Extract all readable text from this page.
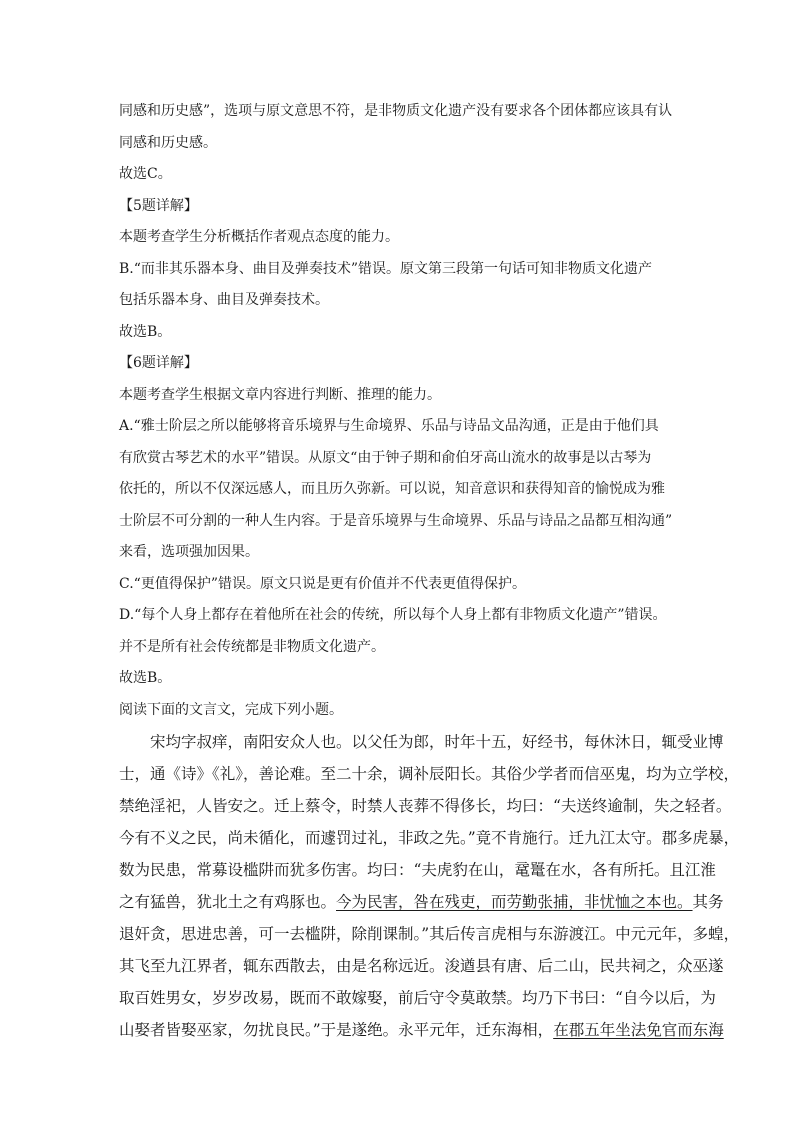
同感和历史感”，选项与原文意思不符，是非物质文化遗产没有要求各个团体都应该具有认
同感和历史感。
故选C。
【5题详解】
本题考查学生分析概括作者观点态度的能力。
B.“而非其乐器本身、曲目及弹奏技术”错误。原文第三段第一句话可知非物质文化遗产
包括乐器本身、曲目及弹奏技术。
故选B。
【6题详解】
本题考查学生根据文章内容进行判断、推理的能力。
A.“雅士阶层之所以能够将音乐境界与生命境界、乐品与诗品文品沟通，正是由于他们具
有欣赏古琴艺术的水平”错误。从原文“由于钟子期和俞伯牙高山流水的故事是以古琴为
依托的，所以不仅深远感人，而且历久弥新。可以说，知音意识和获得知音的愉悦成为雅
士阶层不可分割的一种人生内容。于是音乐境界与生命境界、乐品与诗品之品都互相沟通”
来看，选项强加因果。
C.“更值得保护”错误。原文只说是更有价值并不代表更值得保护。
D.“每个人身上都存在着他所在社会的传统，所以每个人身上都有非物质文化遗产”错误。
并不是所有社会传统都是非物质文化遗产。
故选B。
阅读下面的文言文，完成下列小题。
宋均字叔痒，南阳安众人也。以父任为郎，时年十五，好经书，每休沐日，辄受业博
士，通《诗》《礼》，善论难。至二十余，调补辰阳长。其俗少学者而信巫鬼，均为立学校，
禁绝淫祀，人皆安之。迁上蔡令，时禁人丧葬不得侈长，均曰：“夫送终逾制，失之轻者。
今有不义之民，尚未循化，而遽罚过礼，非政之先。”竟不肯施行。迁九江太守。郡多虎暴，
数为民患，常募设槛阱而犹多伤害。均曰：“夫虎豹在山，鼋鼍在水，各有所托。且江淮
之有猛兽，犹北土之有鸡豚也。今为民害，咎在残吏，而劳勤张捕，非忧恤之本也。其务
退奸贪，思进忠善，可一去槛阱，除削课制。”其后传言虎相与东游渡江。中元元年，多蝗，
其飞至九江界者，辄东西散去，由是名称远近。浚遒县有唐、后二山，民共祠之，众巫遂
取百姓男女，岁岁改易，既而不敢嫁娶，前后守令莫敢禁。均乃下书曰：“自今以后，为
山娶者皆娶巫家，勿扰良民。”于是遂绝。永平元年，迁东海相，在郡五年坐法免官而东海
